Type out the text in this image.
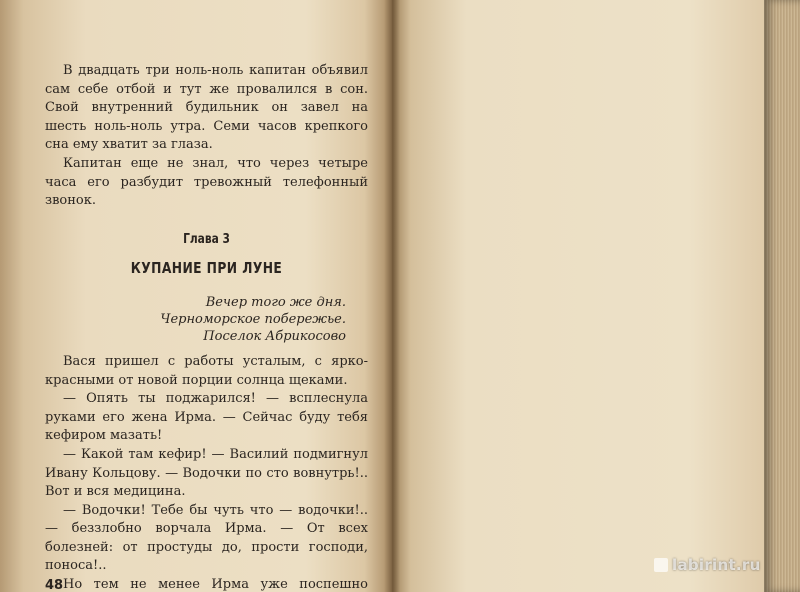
В двадцать три ноль-ноль капитан объявил сам себе отбой и тут же провалился в сон. Свой внутренний будильник он завел на шесть ноль-ноль утра. Семи часов крепкого сна ему хватит за глаза.

Капитан еще не знал, что через четыре часа его разбудит тревожный телефонный звонок.

Глава 3
КУПАНИЕ ПРИ ЛУНЕ
Вечер того же дня.
Черноморское побережье.
Поселок Абрикосово

Вася пришел с работы усталым, с ярко-красными от новой порции солнца щеками.

— Опять ты поджарился! — всплеснула руками его жена Ирма. — Сейчас буду тебя кефиром мазать!

— Какой там кефир! — Василий подмигнул Ивану Кольцову. — Водочки по сто вовнутрь!.. Вот и вся медицина.

— Водочки! Тебе бы чуть что — водочки!.. — беззлобно ворчала Ирма. — От всех болезней: от простуды до, прости господи, поноса!..

Но тем не менее Ирма уже поспешно

48

labirint.ru
